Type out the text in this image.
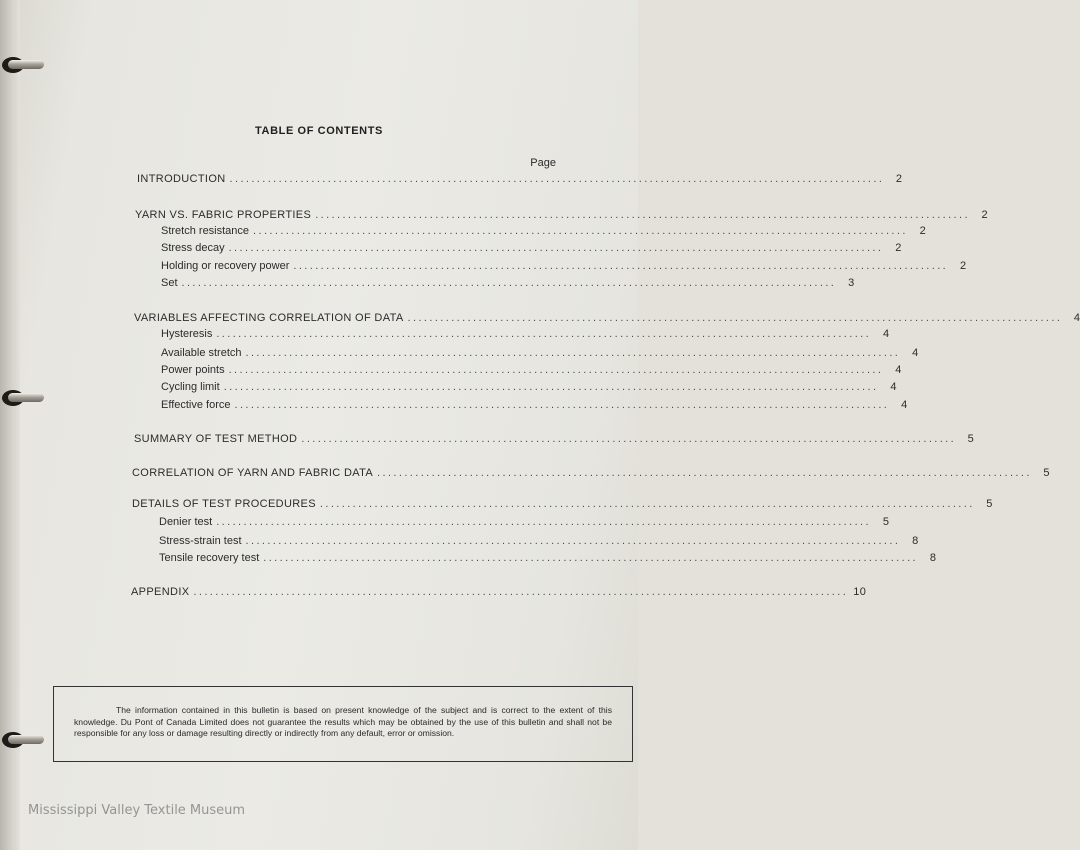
TABLE OF CONTENTS
Page
INTRODUCTION ........................................................................................................................	2
YARN VS. FABRIC PROPERTIES ........................................................................................................................	2
Stretch resistance ........................................................................................................................	2
Stress decay ........................................................................................................................	2
Holding or recovery power ........................................................................................................................	2
Set ........................................................................................................................	3
VARIABLES AFFECTING CORRELATION OF DATA ........................................................................................................................	4
Hysteresis ........................................................................................................................	4
Available stretch ........................................................................................................................	4
Power points ........................................................................................................................	4
Cycling limit ........................................................................................................................	4
Effective force ........................................................................................................................	4
SUMMARY OF TEST METHOD ........................................................................................................................	5
CORRELATION OF YARN AND FABRIC DATA ........................................................................................................................	5
DETAILS OF TEST PROCEDURES ........................................................................................................................	5
Denier test ........................................................................................................................	5
Stress-strain test ........................................................................................................................	8
Tensile recovery test ........................................................................................................................	8
APPENDIX ........................................................................................................................ 10

The information contained in this bulletin is based on present knowledge of the subject and is correct to the extent of this knowledge. Du Pont of Canada Limited does not guarantee the results which may be obtained by the use of this bulletin and shall not be responsible for any loss or damage resulting directly or indirectly from any default, error or omission.

Mississippi Valley Textile Museum
